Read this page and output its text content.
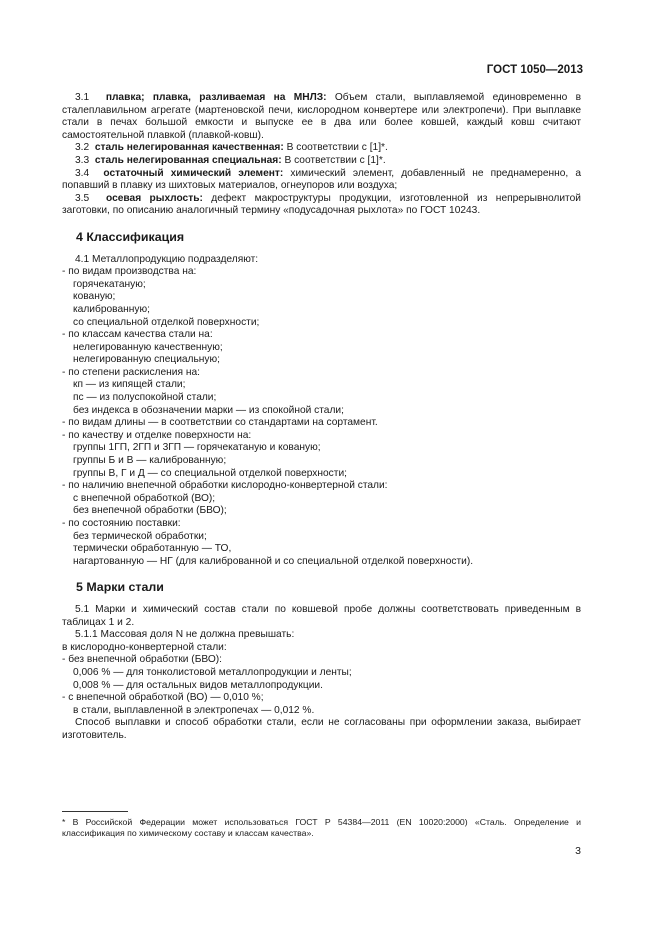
ГОСТ 1050—2013

3.1 плавка; плавка, разливаемая на МНЛЗ: Объем стали, выплавляемой единовременно в сталеплавильном агрегате (мартеновской печи, кислородном конвертере или электропечи). При выплавке стали в печах большой емкости и выпуске ее в два или более ковшей, каждый ковш считают самостоятельной плавкой (плавкой-ковш).

3.2 сталь нелегированная качественная: В соответствии с [1]*.

3.3 сталь нелегированная специальная: В соответствии с [1]*.

3.4 остаточный химический элемент: химический элемент, добавленный не преднамеренно, а попавший в плавку из шихтовых материалов, огнеупоров или воздуха;

3.5 осевая рыхлость: дефект макроструктуры продукции, изготовленной из непрерывнолитой заготовки, по описанию аналогичный термину «подусадочная рыхлота» по ГОСТ 10243.

4 Классификация

4.1 Металлопродукцию подразделяют:

- по видам производства на:

горячекатаную;

кованую;

калиброванную;

со специальной отделкой поверхности;

- по классам качества стали на:

нелегированную качественную;

нелегированную специальную;

- по степени раскисления на:

кп — из кипящей стали;

пс — из полуспокойной стали;

без индекса в обозначении марки — из спокойной стали;

- по видам длины — в соответствии со стандартами на сортамент.

- по качеству и отделке поверхности на:

группы 1ГП, 2ГП и 3ГП — горячекатаную и кованую;

группы Б и В — калиброванную;

группы В, Г и Д — со специальной отделкой поверхности;

- по наличию внепечной обработки кислородно-конвертерной стали:

с внепечной обработкой (ВО);

без внепечной обработки (БВО);

- по состоянию поставки:

без термической обработки;

термически обработанную — ТО,

нагартованную — НГ (для калиброванной и со специальной отделкой поверхности).

5 Марки стали

5.1 Марки и химический состав стали по ковшевой пробе должны соответствовать приведенным в таблицах 1 и 2.

5.1.1 Массовая доля N не должна превышать:

в кислородно-конвертерной стали:

- без внепечной обработки (БВО):

0,006 % — для тонколистовой металлопродукции и ленты;

0,008 % — для остальных видов металлопродукции.

- с внепечной обработкой (ВО) — 0,010 %;

в стали, выплавленной в электропечах — 0,012 %.

Способ выплавки и способ обработки стали, если не согласованы при оформлении заказа, выбирает изготовитель.

* В Российской Федерации может использоваться ГОСТ Р 54384—2011 (EN 10020:2000) «Сталь. Определение и классификация по химическому составу и классам качества».
3
